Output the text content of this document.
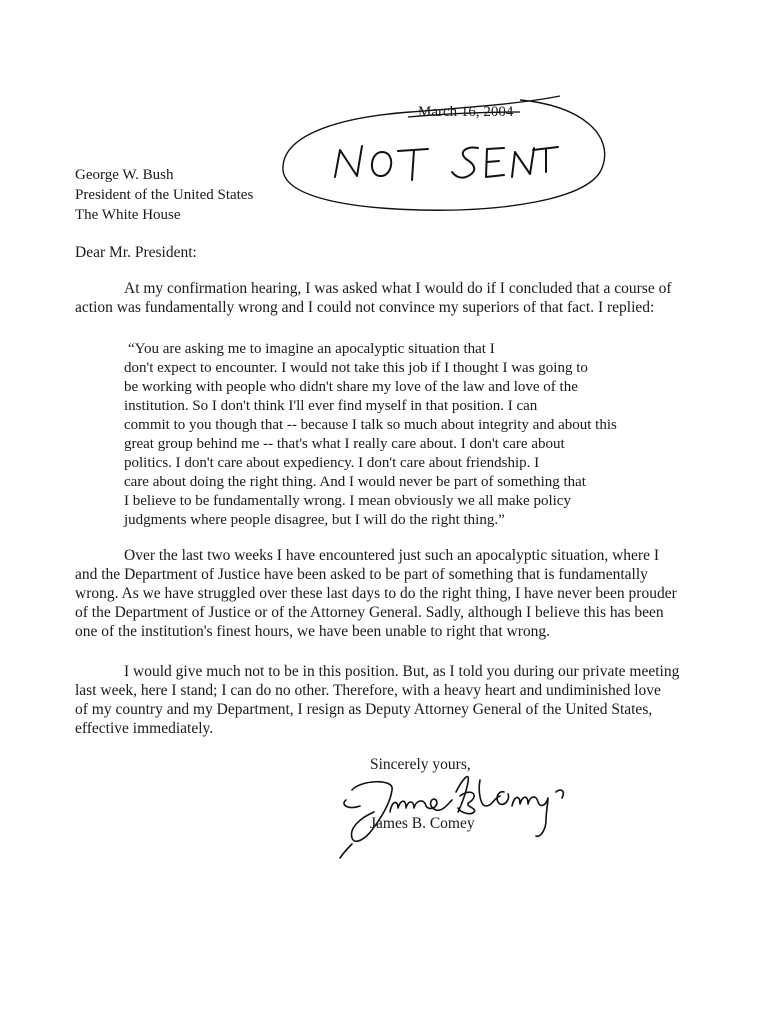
March 16, 2004
George W. Bush
President of the United States
The White House
Dear Mr. President:
At my confirmation hearing, I was asked what I would do if I concluded that a course of
action was fundamentally wrong and I could not convince my superiors of that fact. I replied:
“You are asking me to imagine an apocalyptic situation that I
don't expect to encounter. I would not take this job if I thought I was going to
be working with people who didn't share my love of the law and love of the
institution. So I don't think I'll ever find myself in that position. I can
commit to you though that -- because I talk so much about integrity and about this
great group behind me -- that's what I really care about. I don't care about
politics. I don't care about expediency. I don't care about friendship. I
care about doing the right thing. And I would never be part of something that
I believe to be fundamentally wrong. I mean obviously we all make policy
judgments where people disagree, but I will do the right thing.”
Over the last two weeks I have encountered just such an apocalyptic situation, where I
and the Department of Justice have been asked to be part of something that is fundamentally
wrong. As we have struggled over these last days to do the right thing, I have never been prouder
of the Department of Justice or of the Attorney General. Sadly, although I believe this has been
one of the institution's finest hours, we have been unable to right that wrong.
I would give much not to be in this position. But, as I told you during our private meeting
last week, here I stand; I can do no other. Therefore, with a heavy heart and undiminished love
of my country and my Department, I resign as Deputy Attorney General of the United States,
effective immediately.
Sincerely yours,
James B. Comey
